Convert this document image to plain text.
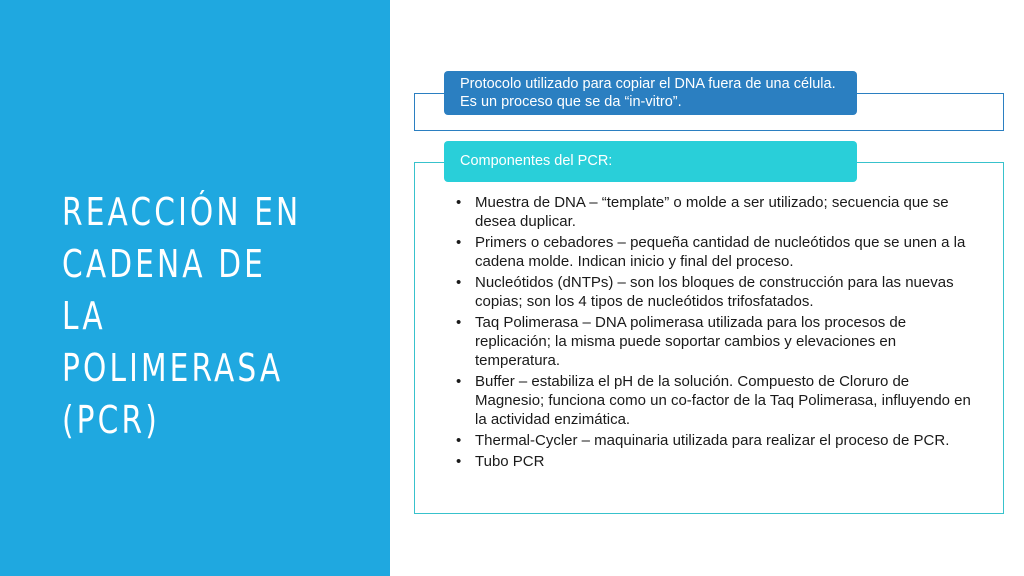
REACCIÓN EN CADENA DE LA POLIMERASA (PCR)
Protocolo utilizado para copiar el DNA fuera de una célula. Es un proceso que se da “in-vitro”.
Componentes del PCR:
• Muestra de DNA – “template” o molde a ser utilizado; secuencia que se desea duplicar.
• Primers o cebadores – pequeña cantidad de nucleótidos que se unen a la cadena molde. Indican inicio y final del proceso.
• Nucleótidos (dNTPs) – son los bloques de construcción para las nuevas copias; son los 4 tipos de nucleótidos trifosfatados.
• Taq Polimerasa – DNA polimerasa utilizada para los procesos de replicación; la misma puede soportar cambios y elevaciones en temperatura.
• Buffer – estabiliza el pH de la solución. Compuesto de Cloruro de Magnesio; funciona como un co-factor de la Taq Polimerasa, influyendo en la actividad enzimática.
• Thermal-Cycler – maquinaria utilizada para realizar el proceso de PCR.
• Tubo PCR
